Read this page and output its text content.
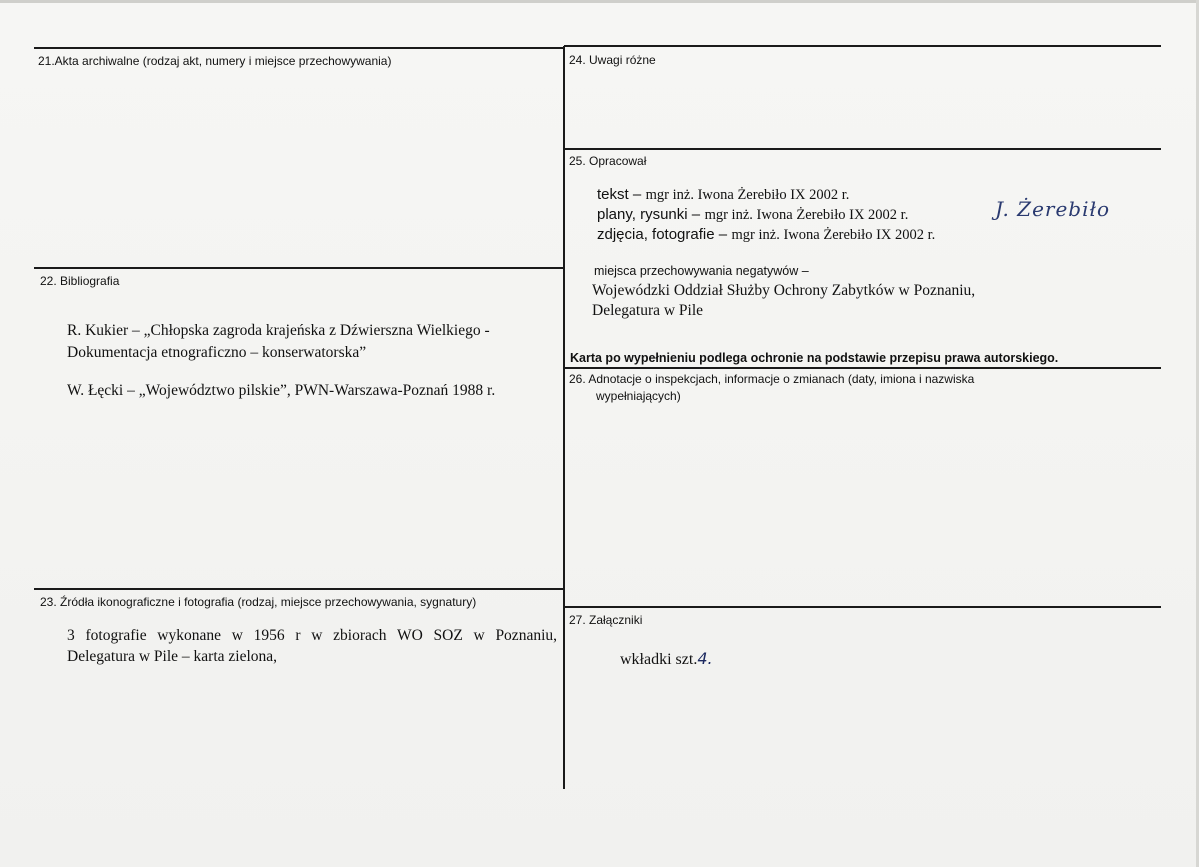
21.Akta archiwalne (rodzaj akt, numery i miejsce przechowywania)
22. Bibliografia
R. Kukier – „Chłopska zagroda krajeńska z Dźwierszna Wielkiego -
Dokumentacja etnograficzno – konserwatorska”
W. Łęcki – „Województwo pilskie”, PWN-Warszawa-Poznań 1988 r.
23. Źródła ikonograficzne i fotografia (rodzaj, miejsce przechowywania, sygnatury)
3 fotografie wykonane w 1956 r w zbiorach WO SOZ w Poznaniu,
Delegatura w Pile – karta zielona,
24. Uwagi różne
25. Opracował
tekst – mgr inż. Iwona Żerebiło IX 2002 r.
plany, rysunki – mgr inż. Iwona Żerebiło IX 2002 r.
zdjęcia, fotografie – mgr inż. Iwona Żerebiło IX 2002 r.
J. Żerebiło
miejsca przechowywania negatywów –
Wojewódzki Oddział Służby Ochrony Zabytków w Poznaniu,
Delegatura w Pile
Karta po wypełnieniu podlega ochronie na podstawie przepisu prawa autorskiego.
26. Adnotacje o inspekcjach, informacje o zmianach (daty, imiona i nazwiska
wypełniających)
27. Załączniki
wkładki szt.4.
